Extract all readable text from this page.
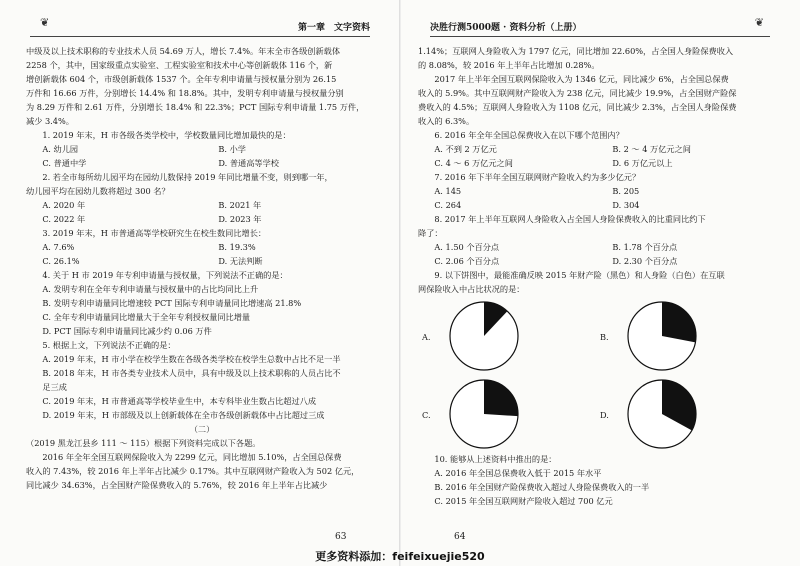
❦	第一章　文字资料

中级及以上技术职称的专业技术人员 54.69 万人，增长 7.4%。年末全市各级创新载体

2258 个，其中，国家级重点实验室、工程实验室和技术中心等创新载体 116 个，新

增创新载体 604 个，市级创新载体 1537 个。全年专利申请量与授权量分别为 26.15

万件和 16.66 万件，分别增长 14.4% 和 18.8%。其中，发明专利申请量与授权量分别

为 8.29 万件和 2.61 万件，分别增长 18.4% 和 22.3%；PCT 国际专利申请量 1.75 万件，

减少 3.4%。

1. 2019 年末，H 市各级各类学校中，学校数量同比增加最快的是：

A. 幼儿园	B. 小学
C. 普通中学	D. 普通高等学校

2. 若全市每所幼儿园平均在园幼儿数保持 2019 年同比增量不变，则到哪一年，

幼儿园平均在园幼儿数将超过 300 名？

A. 2020 年	B. 2021 年
C. 2022 年	D. 2023 年

3. 2019 年末，H 市普通高等学校研究生在校生数同比增长：

A. 7.6%	B. 19.3%
C. 26.1%	D. 无法判断

4. 关于 H 市 2019 年专利申请量与授权量，下列说法不正确的是：

A. 发明专利在全年专利申请量与授权量中的占比均同比上升

B. 发明专利申请量同比增速较 PCT 国际专利申请量同比增速高 21.8%

C. 全年专利申请量同比增量大于全年专利授权量同比增量

D. PCT 国际专利申请量同比减少约 0.06 万件

5. 根据上文，下列说法不正确的是：

A. 2019 年末，H 市小学在校学生数在各级各类学校在校学生总数中占比不足一半

B. 2018 年末，H 市各类专业技术人员中，具有中级及以上技术职称的人员占比不

足三成

C. 2019 年末，H 市普通高等学校毕业生中，本专科毕业生数占比超过八成

D. 2019 年末，H 市部级及以上创新载体在全市各级创新载体中占比超过三成

（二）

（2019 黑龙江县乡 111 ～ 115）根据下列资料完成以下各题。

2016 年全年全国互联网保险收入为 2299 亿元，同比增加 5.10%，占全国总保费

收入的 7.43%，较 2016 年上半年占比减少 0.17%。其中互联网财产险收入为 502 亿元，

同比减少 34.63%，占全国财产险保费收入的 5.76%，较 2016 年上半年占比减少

63
决胜行测5000题 · 资料分析（上册）	❦

1.14%；互联网人身险收入为 1797 亿元，同比增加 22.60%，占全国人身险保费收入

的 8.08%，较 2016 年上半年占比增加 0.28%。

2017 年上半年全国互联网保险收入为 1346 亿元，同比减少 6%，占全国总保费

收入的 5.9%。其中互联网财产险收入为 238 亿元，同比减少 19.9%，占全国财产险保

费收入的 4.5%；互联网人身险收入为 1108 亿元，同比减少 2.3%，占全国人身险保费

收入的 6.3%。

6. 2016 年全年全国总保费收入在以下哪个范围内？

A. 不到 2 万亿元	B. 2 ～ 4 万亿元之间
C. 4 ～ 6 万亿元之间	D. 6 万亿元以上

7. 2016 年下半年全国互联网财产险收入约为多少亿元？

A. 145	B. 205
C. 264	D. 304

8. 2017 年上半年互联网人身险收入占全国人身险保费收入的比重同比约下

降了：

A. 1.50 个百分点	B. 1.78 个百分点
C. 2.06 个百分点	D. 2.30 个百分点

9. 以下饼图中，最能准确反映 2015 年财产险（黑色）和人身险（白色）在互联

网保险收入中占比状况的是：

A.	B.
C.	D.

10. 能够从上述资料中推出的是：

A. 2016 年全国总保费收入低于 2015 年水平

B. 2016 年全国财产险保费收入超过人身险保费收入的一半

C. 2015 年全国互联网财产险收入超过 700 亿元

64
更多资料添加：feifeixuejie520
